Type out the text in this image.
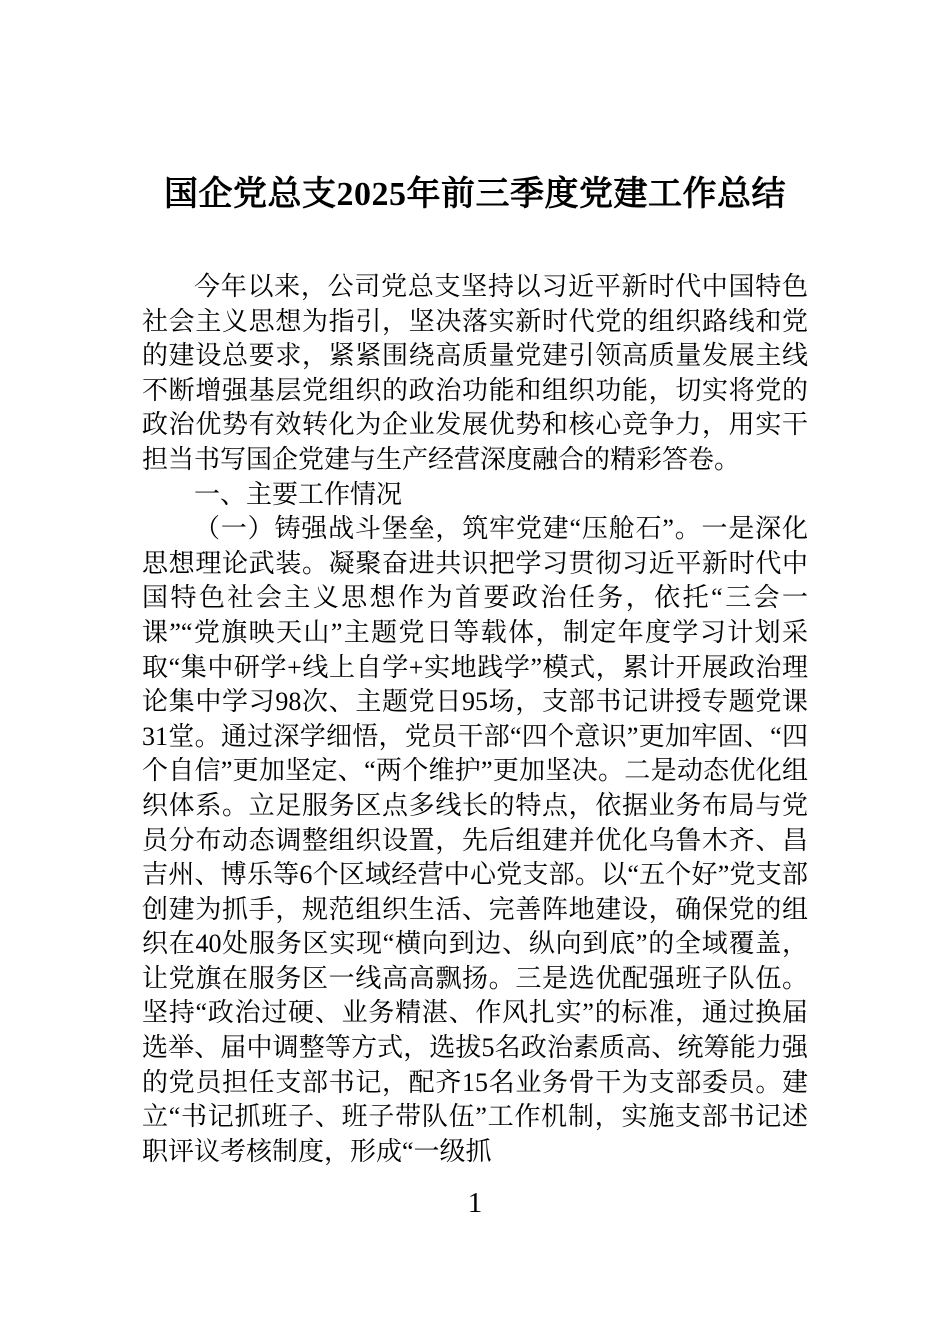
国企党总支2025年前三季度党建工作总结

今年以来，公司党总支坚持以习近平新时代中国特色社会主义思想为指引，坚决落实新时代党的组织路线和党的建设总要求，紧紧围绕高质量党建引领高质量发展主线不断增强基层党组织的政治功能和组织功能，切实将党的政治优势有效转化为企业发展优势和核心竞争力，用实干担当书写国企党建与生产经营深度融合的精彩答卷。

一、主要工作情况

（一）铸强战斗堡垒，筑牢党建“压舱石”。一是深化思想理论武装。凝聚奋进共识把学习贯彻习近平新时代中国特色社会主义思想作为首要政治任务，依托“三会一课”“党旗映天山”主题党日等载体，制定年度学习计划采取“集中研学+线上自学+实地践学”模式，累计开展政治理论集中学习98次、主题党日95场，支部书记讲授专题党课31堂。通过深学细悟，党员干部“四个意识”更加牢固、“四个自信”更加坚定、“两个维护”更加坚决。二是动态优化组织体系。立足服务区点多线长的特点，依据业务布局与党员分布动态调整组织设置，先后组建并优化乌鲁木齐、昌吉州、博乐等6个区域经营中心党支部。以“五个好”党支部创建为抓手，规范组织生活、完善阵地建设，确保党的组织在40处服务区实现“横向到边、纵向到底”的全域覆盖，让党旗在服务区一线高高飘扬。三是选优配强班子队伍。坚持“政治过硬、业务精湛、作风扎实”的标准，通过换届选举、届中调整等方式，选拔5名政治素质高、统筹能力强的党员担任支部书记，配齐15名业务骨干为支部委员。建立“书记抓班子、班子带队伍”工作机制，实施支部书记述职评议考核制度，形成“一级抓

1
